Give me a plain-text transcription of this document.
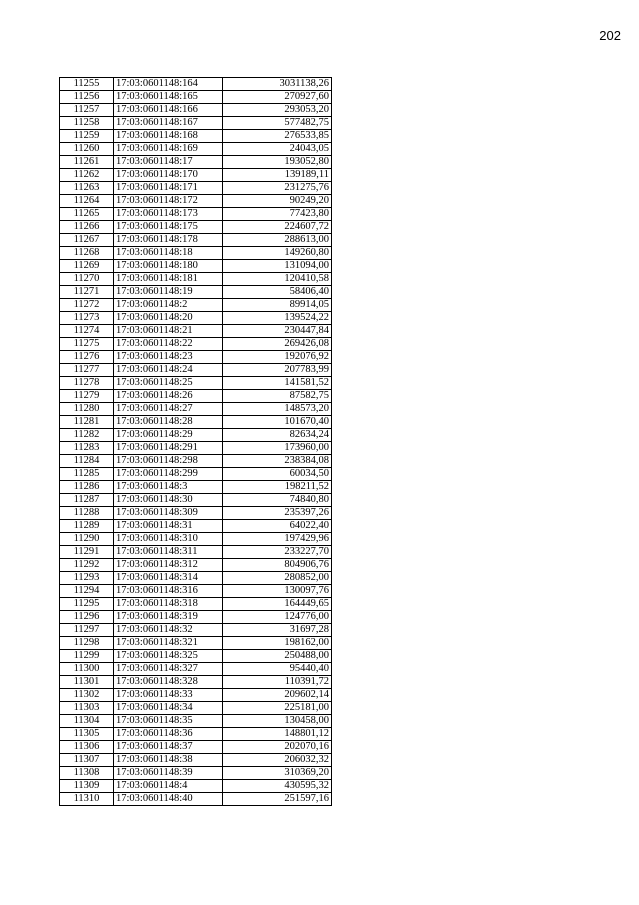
202
11255	17:03:0601148:164	3031138,26
11256	17:03:0601148:165	270927,60
11257	17:03:0601148:166	293053,20
11258	17:03:0601148:167	577482,75
11259	17:03:0601148:168	276533,85
11260	17:03:0601148:169	24043,05
11261	17:03:0601148:17	193052,80
11262	17:03:0601148:170	139189,11
11263	17:03:0601148:171	231275,76
11264	17:03:0601148:172	90249,20
11265	17:03:0601148:173	77423,80
11266	17:03:0601148:175	224607,72
11267	17:03:0601148:178	288613,00
11268	17:03:0601148:18	149260,80
11269	17:03:0601148:180	131094,00
11270	17:03:0601148:181	120410,58
11271	17:03:0601148:19	58406,40
11272	17:03:0601148:2	89914,05
11273	17:03:0601148:20	139524,22
11274	17:03:0601148:21	230447,84
11275	17:03:0601148:22	269426,08
11276	17:03:0601148:23	192076,92
11277	17:03:0601148:24	207783,99
11278	17:03:0601148:25	141581,52
11279	17:03:0601148:26	87582,75
11280	17:03:0601148:27	148573,20
11281	17:03:0601148:28	101670,40
11282	17:03:0601148:29	82634,24
11283	17:03:0601148:291	173960,00
11284	17:03:0601148:298	238384,08
11285	17:03:0601148:299	60034,50
11286	17:03:0601148:3	198211,52
11287	17:03:0601148:30	74840,80
11288	17:03:0601148:309	235397,26
11289	17:03:0601148:31	64022,40
11290	17:03:0601148:310	197429,96
11291	17:03:0601148:311	233227,70
11292	17:03:0601148:312	804906,76
11293	17:03:0601148:314	280852,00
11294	17:03:0601148:316	130097,76
11295	17:03:0601148:318	164449,65
11296	17:03:0601148:319	124776,00
11297	17:03:0601148:32	31697,28
11298	17:03:0601148:321	198162,00
11299	17:03:0601148:325	250488,00
11300	17:03:0601148:327	95440,40
11301	17:03:0601148:328	110391,72
11302	17:03:0601148:33	209602,14
11303	17:03:0601148:34	225181,00
11304	17:03:0601148:35	130458,00
11305	17:03:0601148:36	148801,12
11306	17:03:0601148:37	202070,16
11307	17:03:0601148:38	206032,32
11308	17:03:0601148:39	310369,20
11309	17:03:0601148:4	430595,32
11310	17:03:0601148:40	251597,16
